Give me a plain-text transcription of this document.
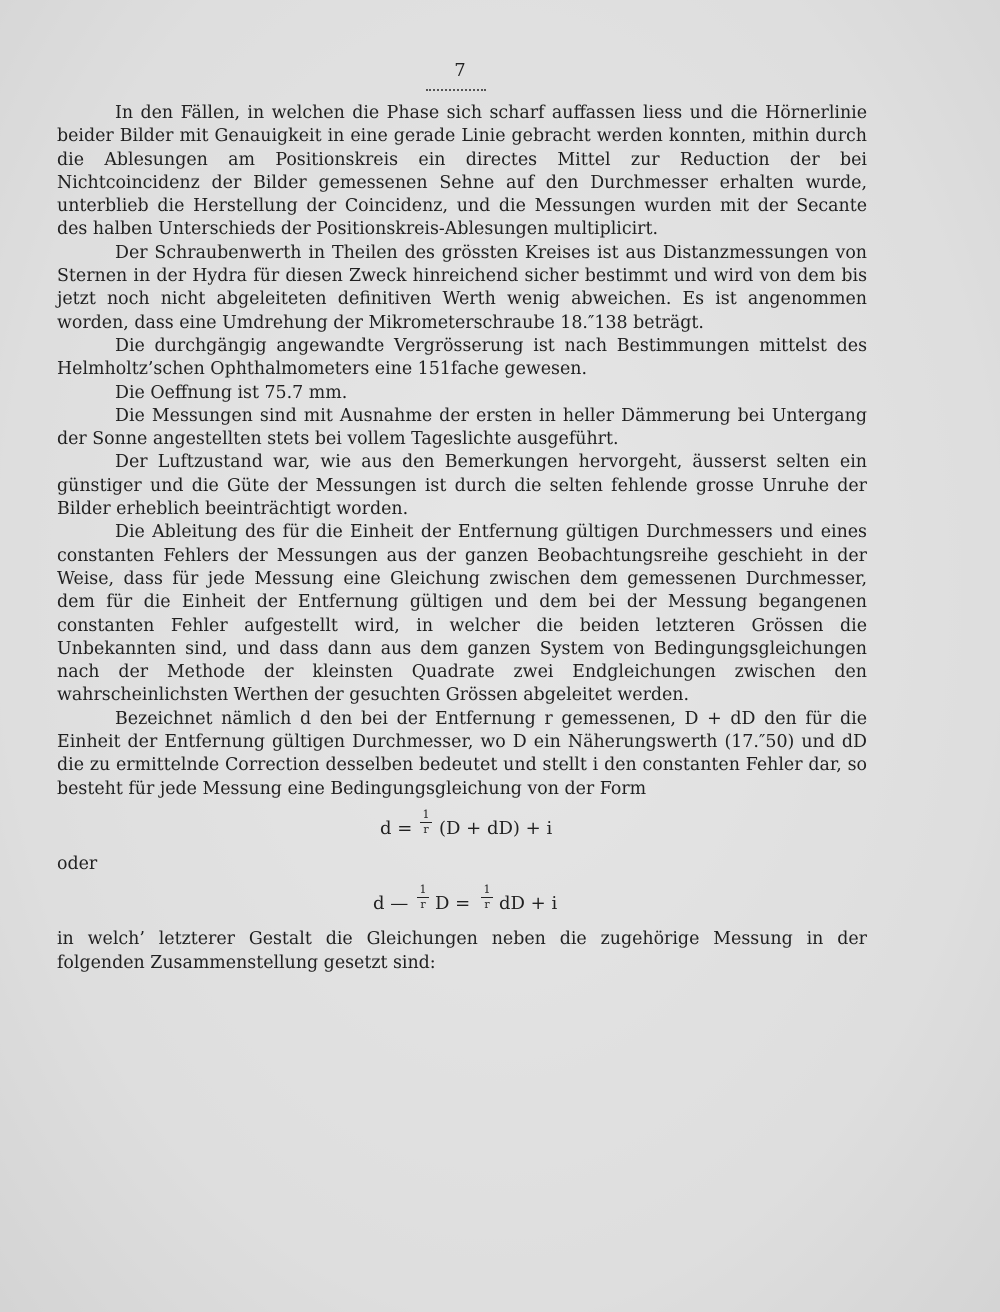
7

In den Fällen, in welchen die Phase sich scharf auffassen liess und die Hörnerlinie beider Bilder mit Genauigkeit in eine gerade Linie gebracht werden konnten, mithin durch die Ablesungen am Positionskreis ein directes Mittel zur Reduction der bei Nichtcoincidenz der Bilder gemessenen Sehne auf den Durchmesser erhalten wurde, unterblieb die Herstellung der Coincidenz, und die Messungen wurden mit der Secante des halben Unterschieds der Positionskreis-Ablesungen multiplicirt.

Der Schraubenwerth in Theilen des grössten Kreises ist aus Distanzmessungen von Sternen in der Hydra für diesen Zweck hinreichend sicher bestimmt und wird von dem bis jetzt noch nicht abgeleiteten definitiven Werth wenig abweichen. Es ist angenommen worden, dass eine Umdrehung der Mikrometerschraube 18.″138 beträgt.

Die durchgängig angewandte Vergrösserung ist nach Bestimmungen mittelst des Helmholtz’schen Ophthalmometers eine 151fache gewesen.

Die Oeffnung ist 75.7 mm.

Die Messungen sind mit Ausnahme der ersten in heller Dämmerung bei Untergang der Sonne angestellten stets bei vollem Tageslichte ausgeführt.

Der Luftzustand war, wie aus den Bemerkungen hervorgeht, äusserst selten ein günstiger und die Güte der Messungen ist durch die selten fehlende grosse Unruhe der Bilder erheblich beeinträchtigt worden.

Die Ableitung des für die Einheit der Entfernung gültigen Durchmessers und eines constanten Fehlers der Messungen aus der ganzen Beobachtungsreihe geschieht in der Weise, dass für jede Messung eine Gleichung zwischen dem gemessenen Durchmesser, dem für die Einheit der Entfernung gültigen und dem bei der Messung begangenen constanten Fehler aufgestellt wird, in welcher die beiden letzteren Grössen die Unbekannten sind, und dass dann aus dem ganzen System von Bedingungsgleichungen nach der Methode der kleinsten Quadrate zwei Endgleichungen zwischen den wahrscheinlichsten Werthen der gesuchten Grössen abgeleitet werden.

Bezeichnet nämlich d den bei der Entfernung r gemessenen, D + dD den für die Einheit der Entfernung gültigen Durchmesser, wo D ein Näherungswerth (17.″50) und dD die zu ermittelnde Correction desselben bedeutet und stellt i den constanten Fehler dar, so besteht für jede Messung eine Bedingungsgleichung von der Form

$d = \frac{1}{r} (D + dD) + i$

oder

d — $\frac{1}{r}$ $D = \frac{1}{r}$ dD + i

in welch’ letzterer Gestalt die Gleichungen neben die zugehörige Messung in der folgenden Zusammenstellung gesetzt sind:
